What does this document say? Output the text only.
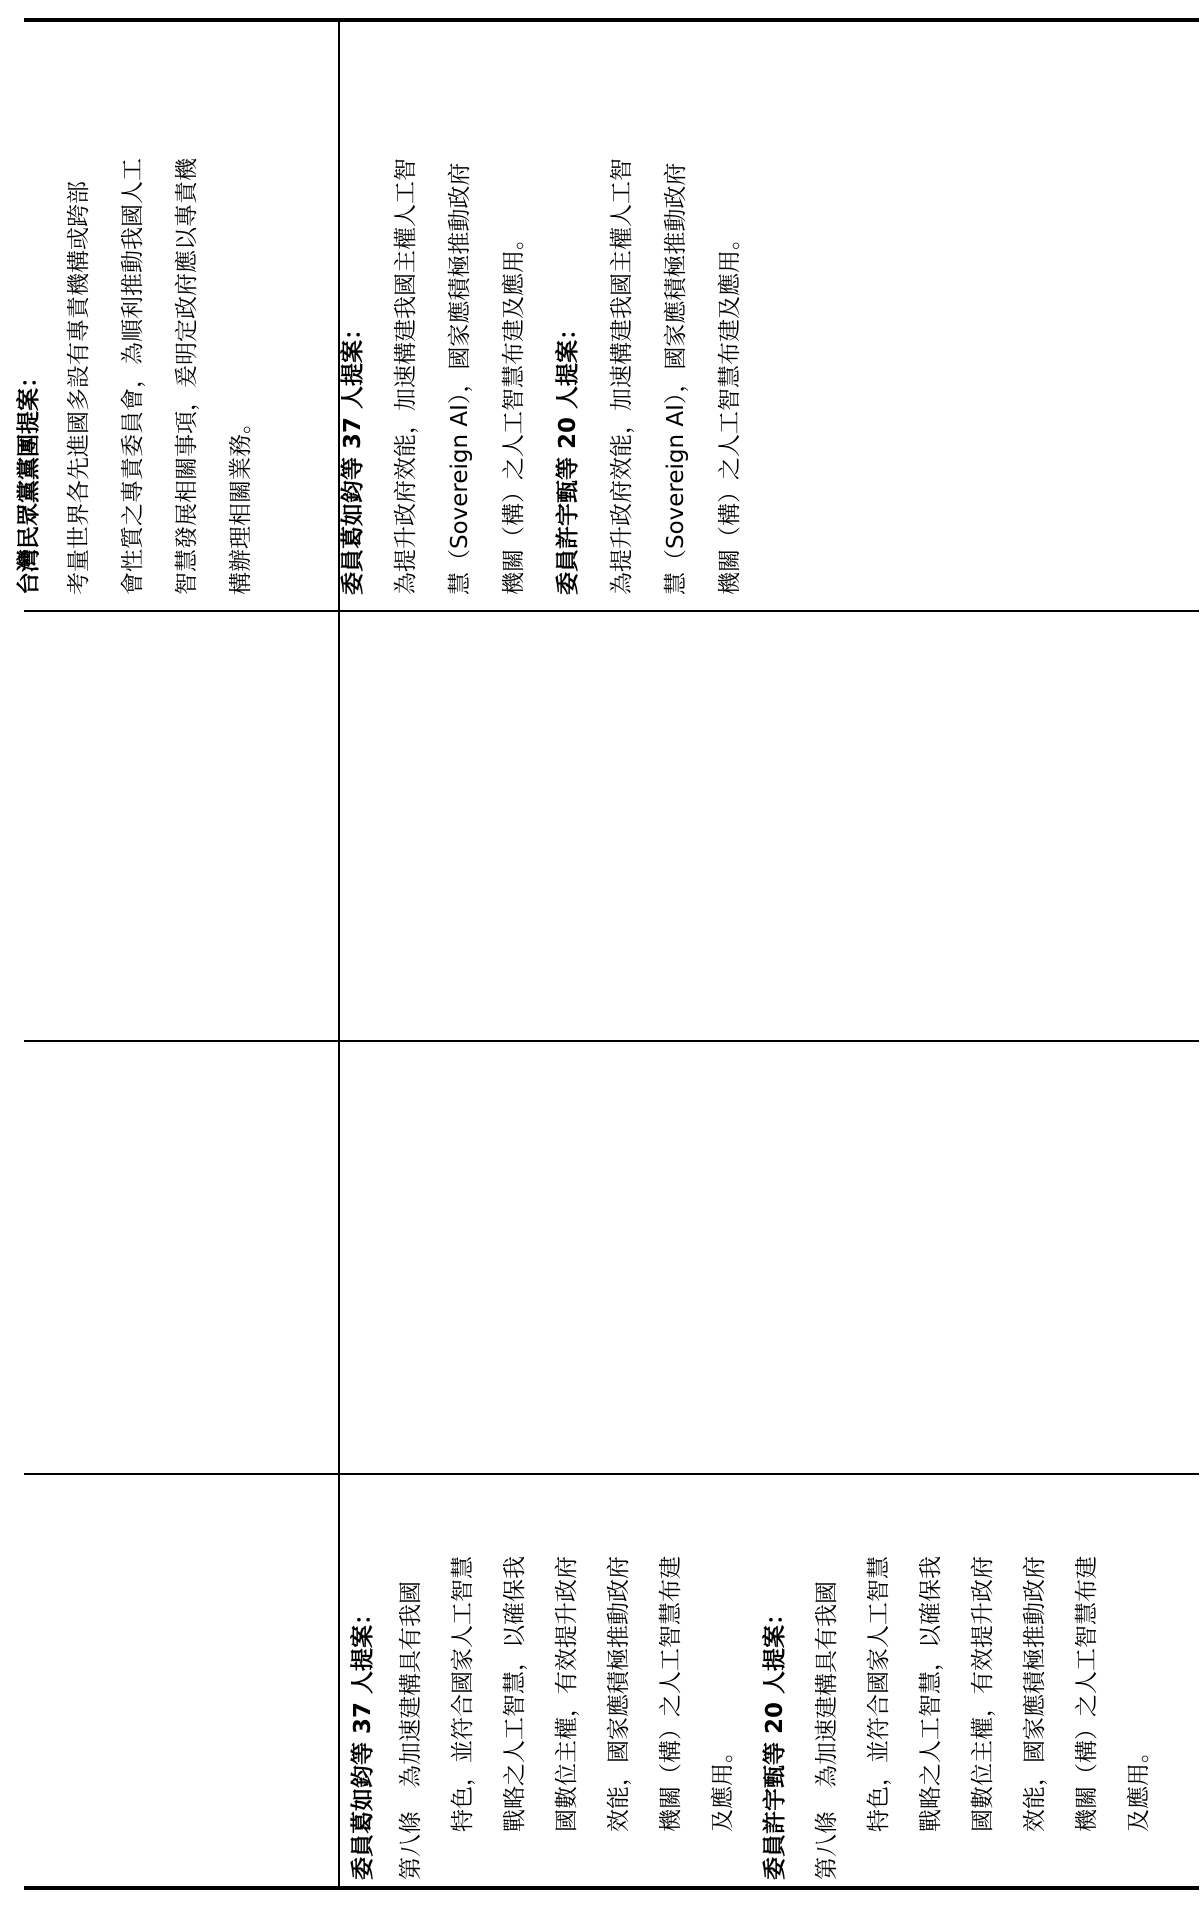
台灣民眾黨黨團提案： 考量世界各先進國多設有專責機構或跨部 會性質之專責委員會，為順利推動我國人工 智慧發展相關事項，爰明定政府應以專責機 構辦理相關業務。	委員葛如鈞等 37 人提案： 為提升政府效能，加速構建我國主權人工智 慧（Sovereign AI），國家應積極推動政府 機關（構）之人工智慧布建及應用。 委員許宇甄等 20 人提案： 為提升政府效能，加速構建我國主權人工智 慧（Sovereign AI），國家應積極推動政府 機關（構）之人工智慧布建及應用。
委員葛如鈞等 37 人提案： 第八條　為加速建構具有我國 特色，並符合國家人工智慧 戰略之人工智慧，以確保我 國數位主權，有效提升政府 效能，國家應積極推動政府 機關（構）之人工智慧布建 及應用。 委員許宇甄等 20 人提案： 第八條　為加速建構具有我國 特色，並符合國家人工智慧 戰略之人工智慧，以確保我 國數位主權，有效提升政府 效能，國家應積極推動政府 機關（構）之人工智慧布建 及應用。
